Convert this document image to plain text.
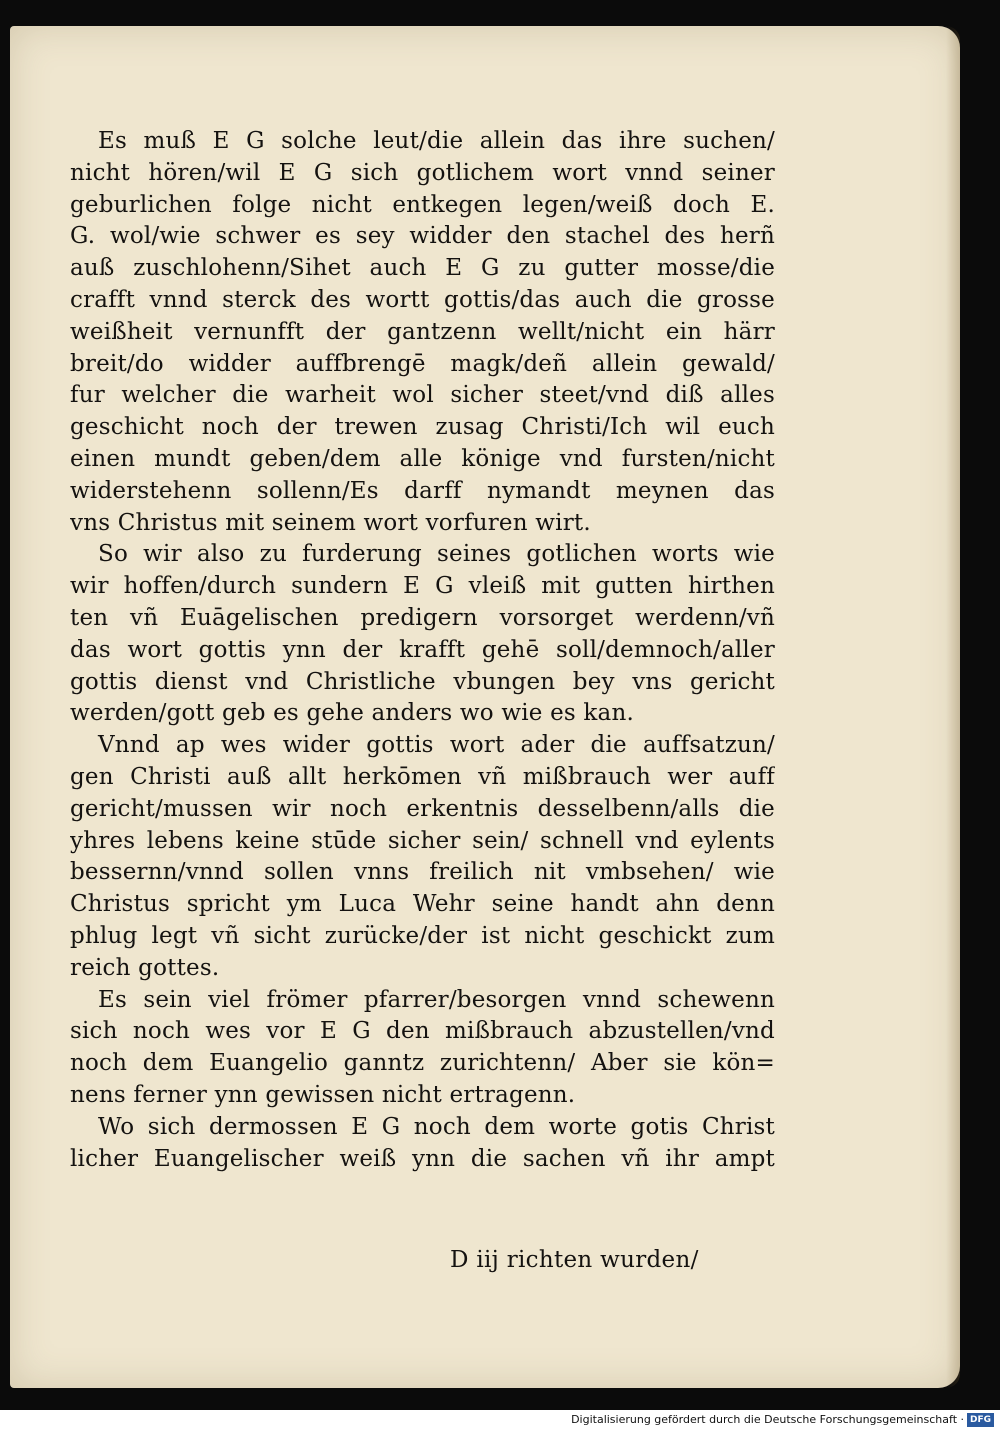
Es muß E G solche leut/die allein das ihre suchen/
nicht hören/wil E G sich gotlichem wort vnnd seiner
geburlichen folge nicht entkegen legen/weiß doch E.
G. wol/wie schwer es sey widder den stachel des herñ
auß zuschlohenn/Sihet auch E G zu gutter mosse/die
crafft vnnd sterck des wortt gottis/das auch die grosse
weißheit vernunfft der gantzenn wellt/nicht ein härr
breit/do widder auffbrengē magk/deñ allein gewald/
fur welcher die warheit wol sicher steet/vnd diß alles
geschicht noch der trewen zusag Christi/Ich wil euch
einen mundt geben/dem alle könige vnd fursten/nicht
widerstehenn sollenn/Es darff nymandt meynen das
vns Christus mit seinem wort vorfuren wirt.
So wir also zu furderung seines gotlichen worts wie
wir hoffen/durch sundern E G vleiß mit gutten hirthen
ten vñ Euāgelischen predigern vorsorget werdenn/vñ
das wort gottis ynn der krafft gehē soll/demnoch/aller
gottis dienst vnd Christliche vbungen bey vns gericht
werden/gott geb es gehe anders wo wie es kan.
Vnnd ap wes wider gottis wort ader die auffsatzun/
gen Christi auß allt herkōmen vñ mißbrauch wer auff
gericht/mussen wir noch erkentnis desselbenn/alls die
yhres lebens keine stūde sicher sein/ schnell vnd eylents
bessernn/vnnd sollen vnns freilich nit vmbsehen/ wie
Christus spricht ym Luca Wehr seine handt ahn denn
phlug legt vñ sicht zurücke/der ist nicht geschickt zum
reich gottes.
Es sein viel frömer pfarrer/besorgen vnnd schewenn
sich noch wes vor E G den mißbrauch abzustellen/vnd
noch dem Euangelio ganntz zurichtenn/ Aber sie kön=
nens ferner ynn gewissen nicht ertragenn.
Wo sich dermossen E G noch dem worte gotis Christ
licher Euangelischer weiß ynn die sachen vñ ihr ampt
D iij richten wurden/
Digitalisierung gefördert durch die Deutsche Forschungsgemeinschaft · DFG
